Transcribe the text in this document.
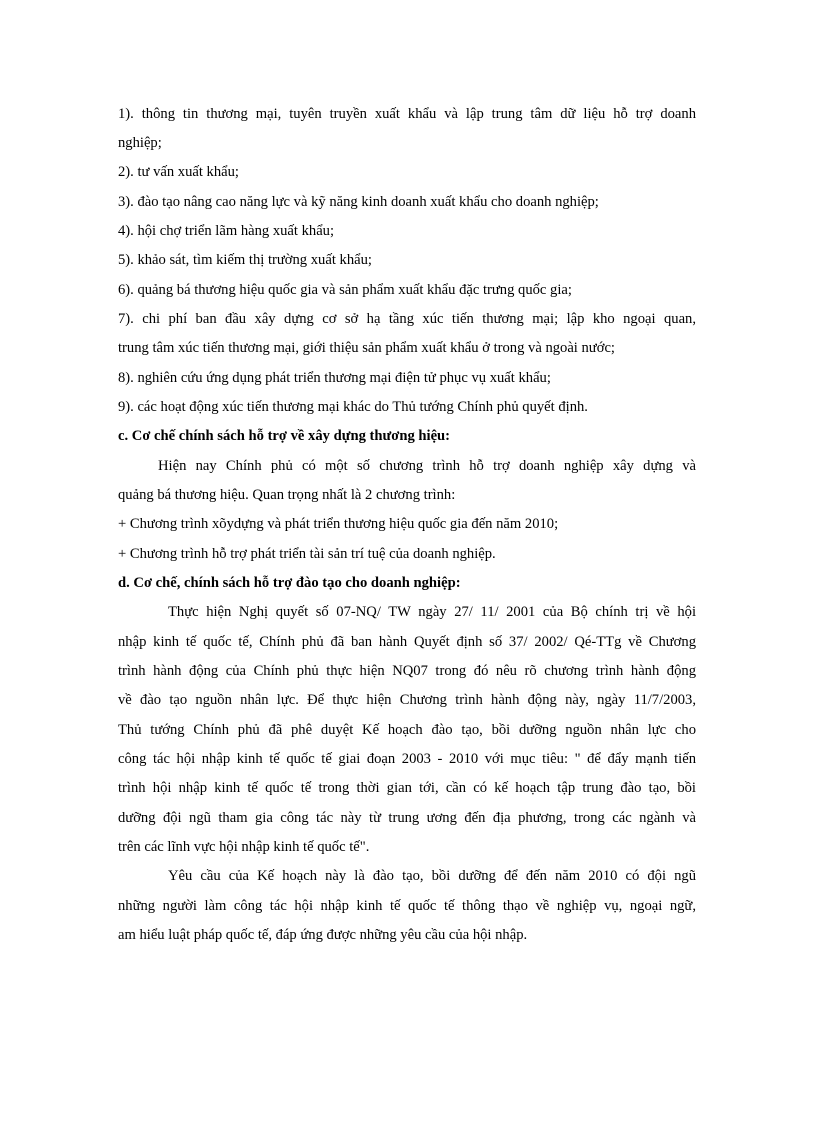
1). thông tin thương mại, tuyên truyền xuất khẩu và lập trung tâm dữ liệu hỗ trợ doanh
nghiệp;
2). tư vấn xuất khẩu;
3). đào tạo nâng cao năng lực và kỹ năng kinh doanh xuất khẩu cho doanh nghiệp;
4). hội chợ triển lãm hàng xuất khẩu;
5). khảo sát, tìm kiếm thị trường xuất khẩu;
6). quảng bá thương hiệu quốc gia và sản phẩm xuất khẩu đặc trưng quốc gia;
7). chi phí ban đầu xây dựng cơ sở hạ tầng xúc tiến thương mại; lập kho ngoại quan,
trung tâm xúc tiến thương mại, giới thiệu sản phẩm xuất khẩu ở trong và ngoài nước;
8). nghiên cứu ứng dụng phát triển thương mại điện tử phục vụ xuất khẩu;
9). các hoạt động xúc tiến thương mại khác do Thủ tướng Chính phủ quyết định.
c. Cơ chế chính sách hỗ trợ về xây dựng thương hiệu:
Hiện nay Chính phủ có một số chương trình hỗ trợ doanh nghiệp xây dựng và
quảng bá thương hiệu. Quan trọng nhất là 2 chương trình:
+ Chương trình xõydựng và phát triển thương hiệu quốc gia đến năm 2010;
+ Chương trình hỗ trợ phát triển tài sản trí tuệ của doanh nghiệp.
d. Cơ chế, chính sách hỗ trợ đào tạo cho doanh nghiệp:
Thực hiện Nghị quyết số 07-NQ/ TW ngày 27/ 11/ 2001 của Bộ chính trị về hội
nhập kinh tế quốc tế, Chính phủ đã ban hành Quyết định số 37/ 2002/ Qé-TTg về Chương
trình hành động của Chính phủ thực hiện NQ07 trong đó nêu rõ chương trình hành động
về đào tạo nguồn nhân lực. Để thực hiện Chương trình hành động này, ngày 11/7/2003,
Thủ tướng Chính phủ đã phê duyệt Kế hoạch đào tạo, bồi dưỡng nguồn nhân lực cho
công tác hội nhập kinh tế quốc tế giai đoạn 2003 - 2010 với mục tiêu: " để đẩy mạnh tiến
trình hội nhập kinh tế quốc tế trong thời gian tới, cần có kế hoạch tập trung đào tạo, bồi
dưỡng đội ngũ tham gia công tác này từ trung ương đến địa phương, trong các ngành và
trên các lĩnh vực hội nhập kinh tế quốc tế".
Yêu cầu của Kế hoạch này là đào tạo, bồi dưỡng để đến năm 2010 có đội ngũ
những người làm công tác hội nhập kinh tế quốc tế thông thạo về nghiệp vụ, ngoại ngữ,
am hiểu luật pháp quốc tế, đáp ứng được những yêu cầu của hội nhập.
